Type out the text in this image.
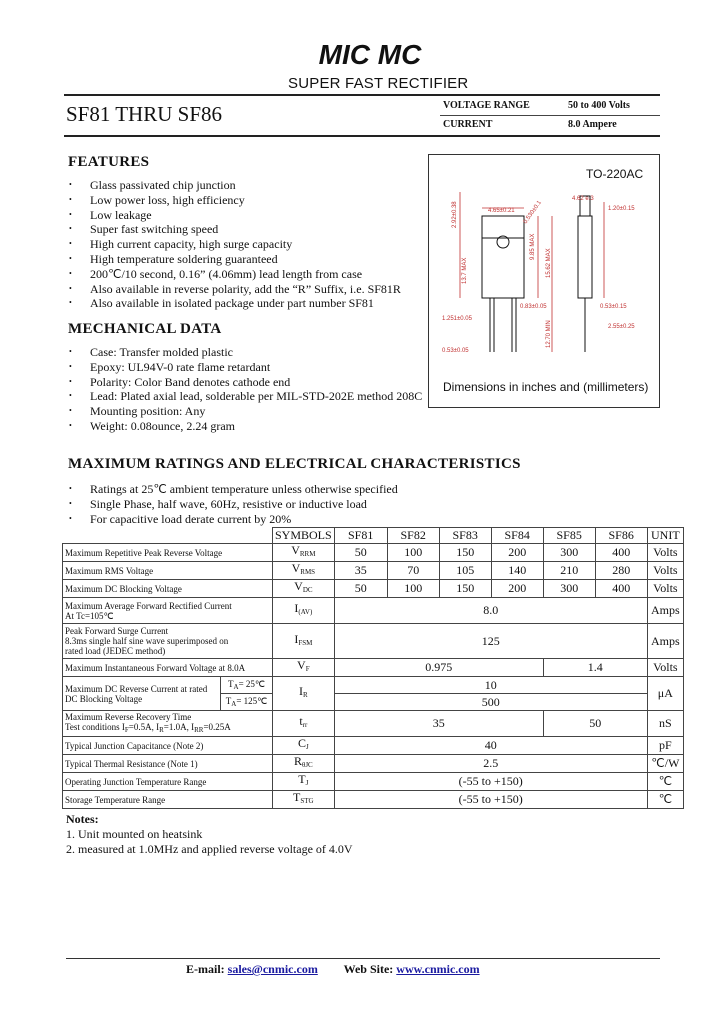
MIC MC
SUPER FAST RECTIFIER
SF81 THRU SF86	VOLTAGE RANGE	50 to 400 Volts
CURRENT	8.0 Ampere
FEATURES
• Glass passivated chip junction
• Low power loss, high efficiency
• Low leakage
• Super fast switching speed
• High current capacity, high surge capacity
• High temperature soldering guaranteed
• 200℃/10 second, 0.16” (4.06mm) lead length from case
• Also available in reverse polarity, add the “R” Suffix, i.e. SF81R
• Also available in isolated package under part number SF81
MECHANICAL DATA
• Case: Transfer molded plastic
• Epoxy: UL94V-0 rate flame retardant
• Polarity: Color Band denotes cathode end
• Lead: Plated axial lead, solderable per MIL-STD-202E method 208C
• Mounting position: Any
• Weight: 0.08ounce, 2.24 gram
TO-220AC
2.92±0.38	4.65±0.21 0.530±0.1
4.62 e.3
1.20±0.15
0.53±0.15
2.55±0.25
1.251±0.05
0.83±0.05
0.53±0.05
15.62 MAX
13.7 MAX
9.85 MAX
12.70 MIN
Dimensions in inches and (millimeters)
MAXIMUM RATINGS AND ELECTRICAL CHARACTERISTICS
• Ratings at 25℃ ambient temperature unless otherwise specified
• Single Phase, half wave, 60Hz, resistive or inductive load
• For capacitive load derate current by 20%
		SYMBOLS	SF81	SF82	SF83	SF84	SF85	SF86	UNIT
Maximum Repetitive Peak Reverse Voltage		$V_{RRM}$	50	100	150	200	300	400	Volts
Maximum RMS Voltage		$V_{RMS}$	35	70	105	140	210	280	Volts
Maximum DC Blocking Voltage		$V_{DC}$	50	100	150	200	300	400	Volts
Maximum Average Forward Rectified Current
At Tc=105℃		$I_{(AV)}$	8.0						Amps
Peak Forward Surge Current
8.3ms single half sine wave superimposed on
rated load (JEDEC method)		$I_{FSM}$	125						Amps
Maximum Instantaneous Forward Voltage at 8.0A		$V_F$	0.975				1.4		Volts
Maximum DC Reverse Current at rated
DC Blocking Voltage	$T_A=$ 25℃	$I_R$	10						μA
	$T_A=$ 125℃		500						
Maximum Reverse Recovery Time
Test conditions $I_F=0.5A$, $I_R=1.0A$, $I_{RR}=0.25A$		$t_{rr}$	35				50		nS
Typical Junction Capacitance (Note 2)		$C_J$	40						pF
Typical Thermal Resistance (Note 1)		$R_{\theta JC}$	2.5						℃/W
Operating Junction Temperature Range		$T_J$	(-55 to +150)						℃
Storage Temperature Range		$T_{STG}$	(-55 to +150)						℃
Notes:
1. Unit mounted on heatsink
2. measured at 1.0MHz and applied reverse voltage of 4.0V
E-mail: sales@cnmic.com Web Site: www.cnmic.com
